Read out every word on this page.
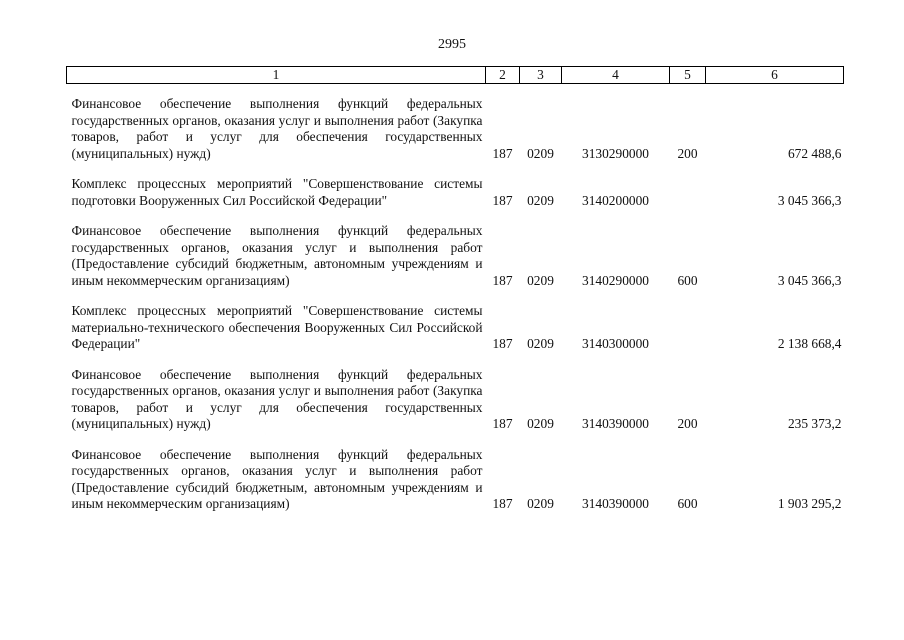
2995
1	2	3	4	5	6
Финансовое обеспечение выполнения функций федеральных государственных органов, оказания услуг и выполнения работ (Закупка товаров, работ и услуг для обеспечения государственных (муниципальных) нужд)	187	0209	3130290000	200	672 488,6
Комплекс процессных мероприятий "Совершенствование системы подготовки Вооруженных Сил Российской Федерации"	187	0209	3140200000		3 045 366,3
Финансовое обеспечение выполнения функций федеральных государственных органов, оказания услуг и выполнения работ (Предоставление субсидий бюджетным, автономным учреждениям и иным некоммерческим организациям)	187	0209	3140290000	600	3 045 366,3
Комплекс процессных мероприятий "Совершенствование системы материально-технического обеспечения Вооруженных Сил Российской Федерации"	187	0209	3140300000		2 138 668,4
Финансовое обеспечение выполнения функций федеральных государственных органов, оказания услуг и выполнения работ (Закупка товаров, работ и услуг для обеспечения государственных (муниципальных) нужд)	187	0209	3140390000	200	235 373,2
Финансовое обеспечение выполнения функций федеральных государственных органов, оказания услуг и выполнения работ (Предоставление субсидий бюджетным, автономным учреждениям и иным некоммерческим организациям)	187	0209	3140390000	600	1 903 295,2
